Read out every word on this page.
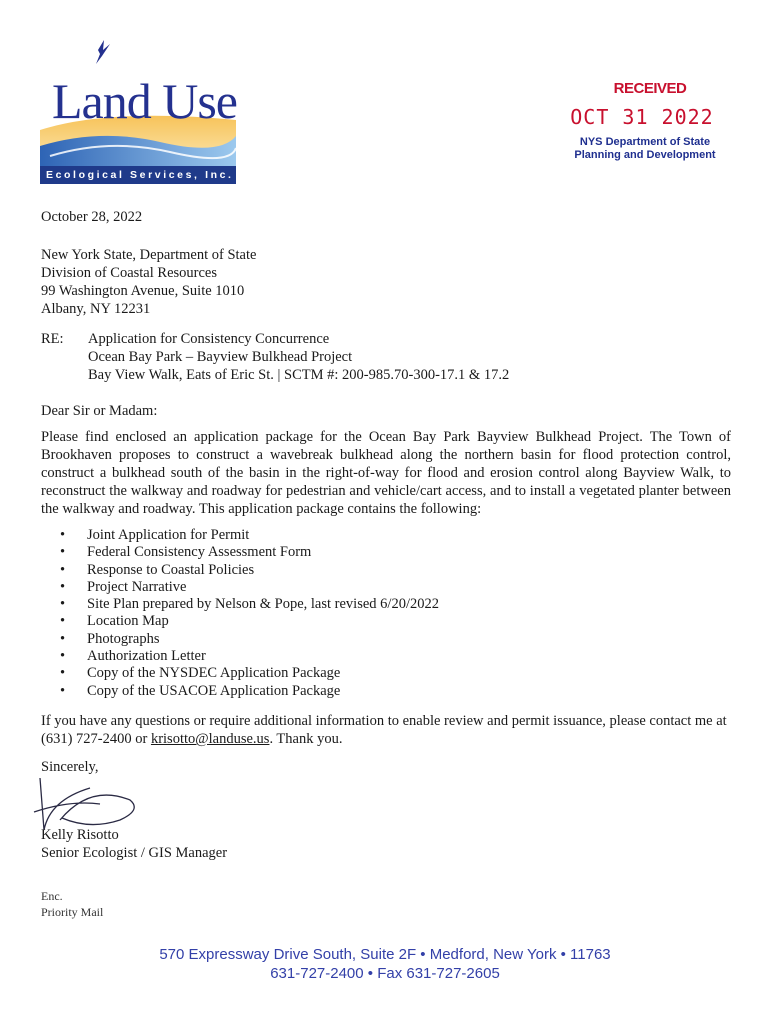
Land Use
Ecological Services, Inc.
RECEIVED
OCT 31 2022
NYS Department of State
Planning and Development
October 28, 2022
New York State, Department of State
Division of Coastal Resources
99 Washington Avenue, Suite 1010
Albany, NY 12231
RE: Application for Consistency Concurrence
Ocean Bay Park – Bayview Bulkhead Project
Bay View Walk, Eats of Eric St. | SCTM #: 200-985.70-300-17.1 & 17.2
Dear Sir or Madam:
Please find enclosed an application package for the Ocean Bay Park Bayview Bulkhead Project. The Town of
Brookhaven proposes to construct a wavebreak bulkhead along the northern basin for flood protection control,
construct a bulkhead south of the basin in the right-of-way for flood and erosion control along Bayview Walk, to
reconstruct the walkway and roadway for pedestrian and vehicle/cart access, and to install a vegetated planter between
the walkway and roadway. This application package contains the following:
• Joint Application for Permit
• Federal Consistency Assessment Form
• Response to Coastal Policies
• Project Narrative
• Site Plan prepared by Nelson & Pope, last revised 6/20/2022
• Location Map
• Photographs
• Authorization Letter
• Copy of the NYSDEC Application Package
• Copy of the USACOE Application Package
If you have any questions or require additional information to enable review and permit issuance, please contact me at
(631) 727-2400 or krisotto@landuse.us. Thank you.
Sincerely,
Kelly Risotto
Senior Ecologist / GIS Manager
Enc.
Priority Mail
570 Expressway Drive South, Suite 2F • Medford, New York • 11763
631-727-2400 • Fax 631-727-2605
